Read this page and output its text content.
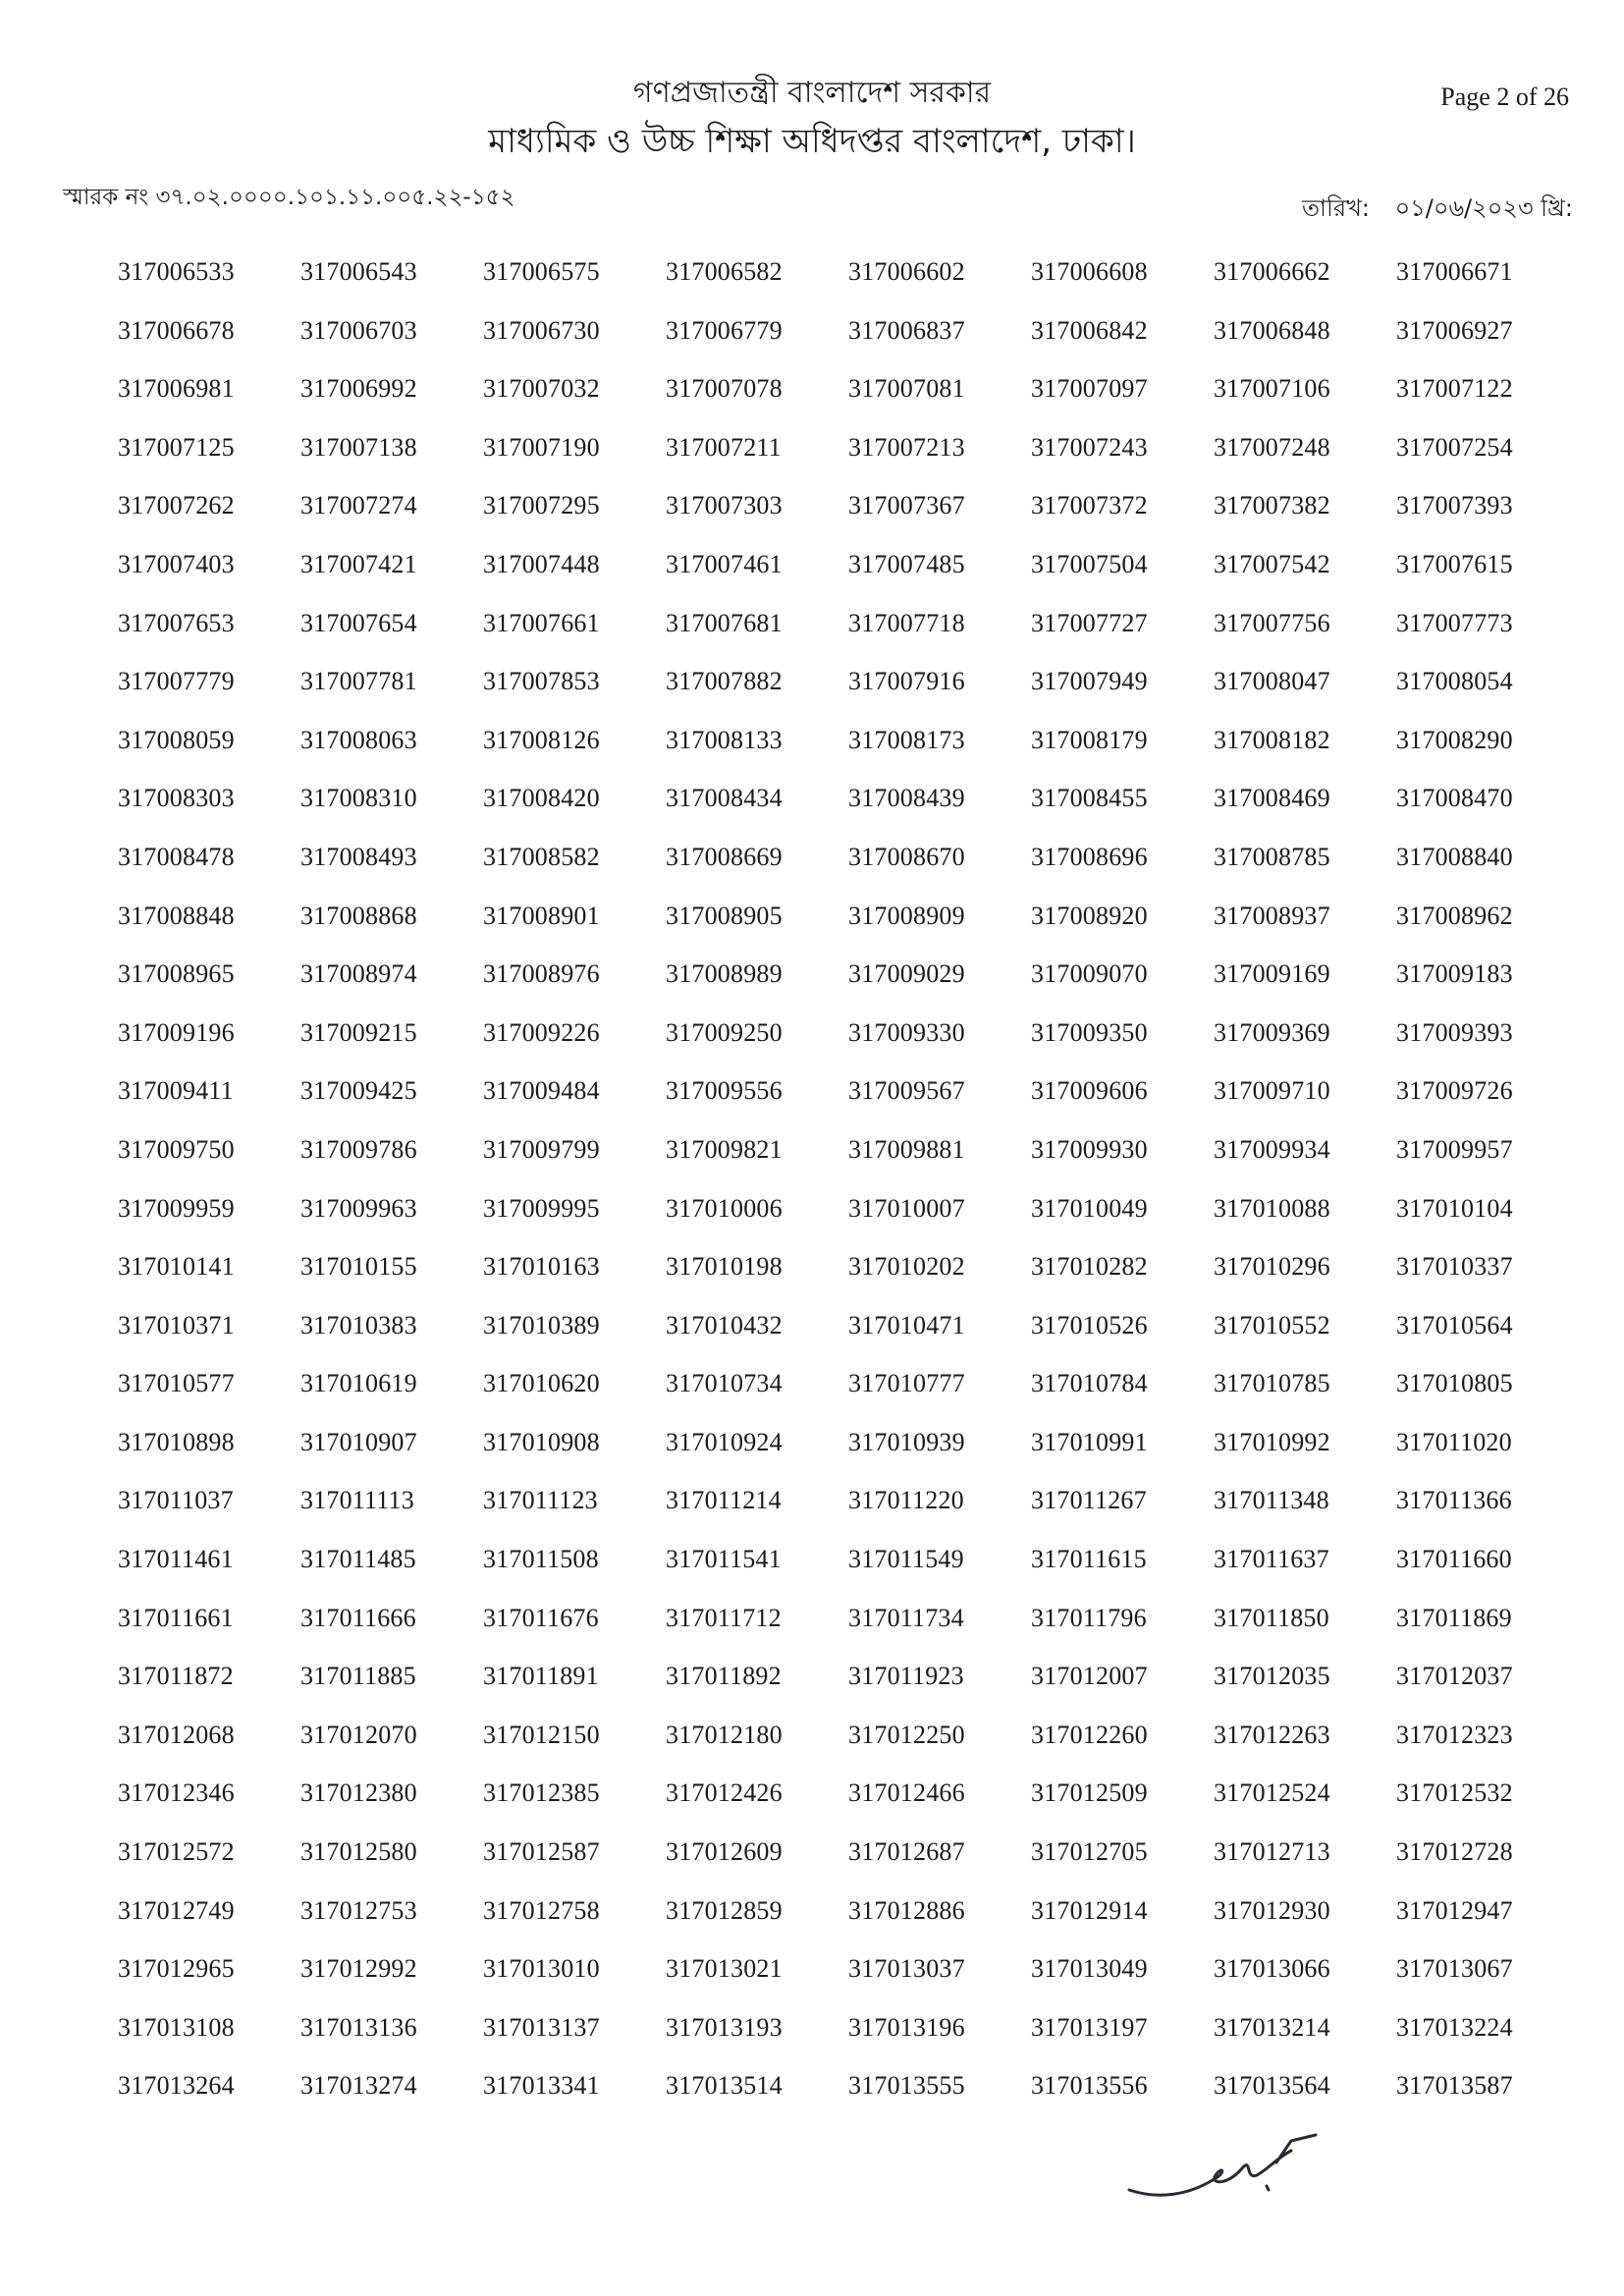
গণপ্রজাতন্ত্রী বাংলাদেশ সরকার
মাধ্যমিক ও উচ্চ শিক্ষা অধিদপ্তর বাংলাদেশ, ঢাকা।
Page 2 of 26
স্মারক নং ৩৭.০২.০০০০.১০১.১১.০০৫.২২-১৫২	তারিখ: ০১/০৬/২০২৩ খ্রি:
317006533	317006543	317006575	317006582	317006602	317006608	317006662	317006671
317006678	317006703	317006730	317006779	317006837	317006842	317006848	317006927
317006981	317006992	317007032	317007078	317007081	317007097	317007106	317007122
317007125	317007138	317007190	317007211	317007213	317007243	317007248	317007254
317007262	317007274	317007295	317007303	317007367	317007372	317007382	317007393
317007403	317007421	317007448	317007461	317007485	317007504	317007542	317007615
317007653	317007654	317007661	317007681	317007718	317007727	317007756	317007773
317007779	317007781	317007853	317007882	317007916	317007949	317008047	317008054
317008059	317008063	317008126	317008133	317008173	317008179	317008182	317008290
317008303	317008310	317008420	317008434	317008439	317008455	317008469	317008470
317008478	317008493	317008582	317008669	317008670	317008696	317008785	317008840
317008848	317008868	317008901	317008905	317008909	317008920	317008937	317008962
317008965	317008974	317008976	317008989	317009029	317009070	317009169	317009183
317009196	317009215	317009226	317009250	317009330	317009350	317009369	317009393
317009411	317009425	317009484	317009556	317009567	317009606	317009710	317009726
317009750	317009786	317009799	317009821	317009881	317009930	317009934	317009957
317009959	317009963	317009995	317010006	317010007	317010049	317010088	317010104
317010141	317010155	317010163	317010198	317010202	317010282	317010296	317010337
317010371	317010383	317010389	317010432	317010471	317010526	317010552	317010564
317010577	317010619	317010620	317010734	317010777	317010784	317010785	317010805
317010898	317010907	317010908	317010924	317010939	317010991	317010992	317011020
317011037	317011113	317011123	317011214	317011220	317011267	317011348	317011366
317011461	317011485	317011508	317011541	317011549	317011615	317011637	317011660
317011661	317011666	317011676	317011712	317011734	317011796	317011850	317011869
317011872	317011885	317011891	317011892	317011923	317012007	317012035	317012037
317012068	317012070	317012150	317012180	317012250	317012260	317012263	317012323
317012346	317012380	317012385	317012426	317012466	317012509	317012524	317012532
317012572	317012580	317012587	317012609	317012687	317012705	317012713	317012728
317012749	317012753	317012758	317012859	317012886	317012914	317012930	317012947
317012965	317012992	317013010	317013021	317013037	317013049	317013066	317013067
317013108	317013136	317013137	317013193	317013196	317013197	317013214	317013224
317013264	317013274	317013341	317013514	317013555	317013556	317013564	317013587
